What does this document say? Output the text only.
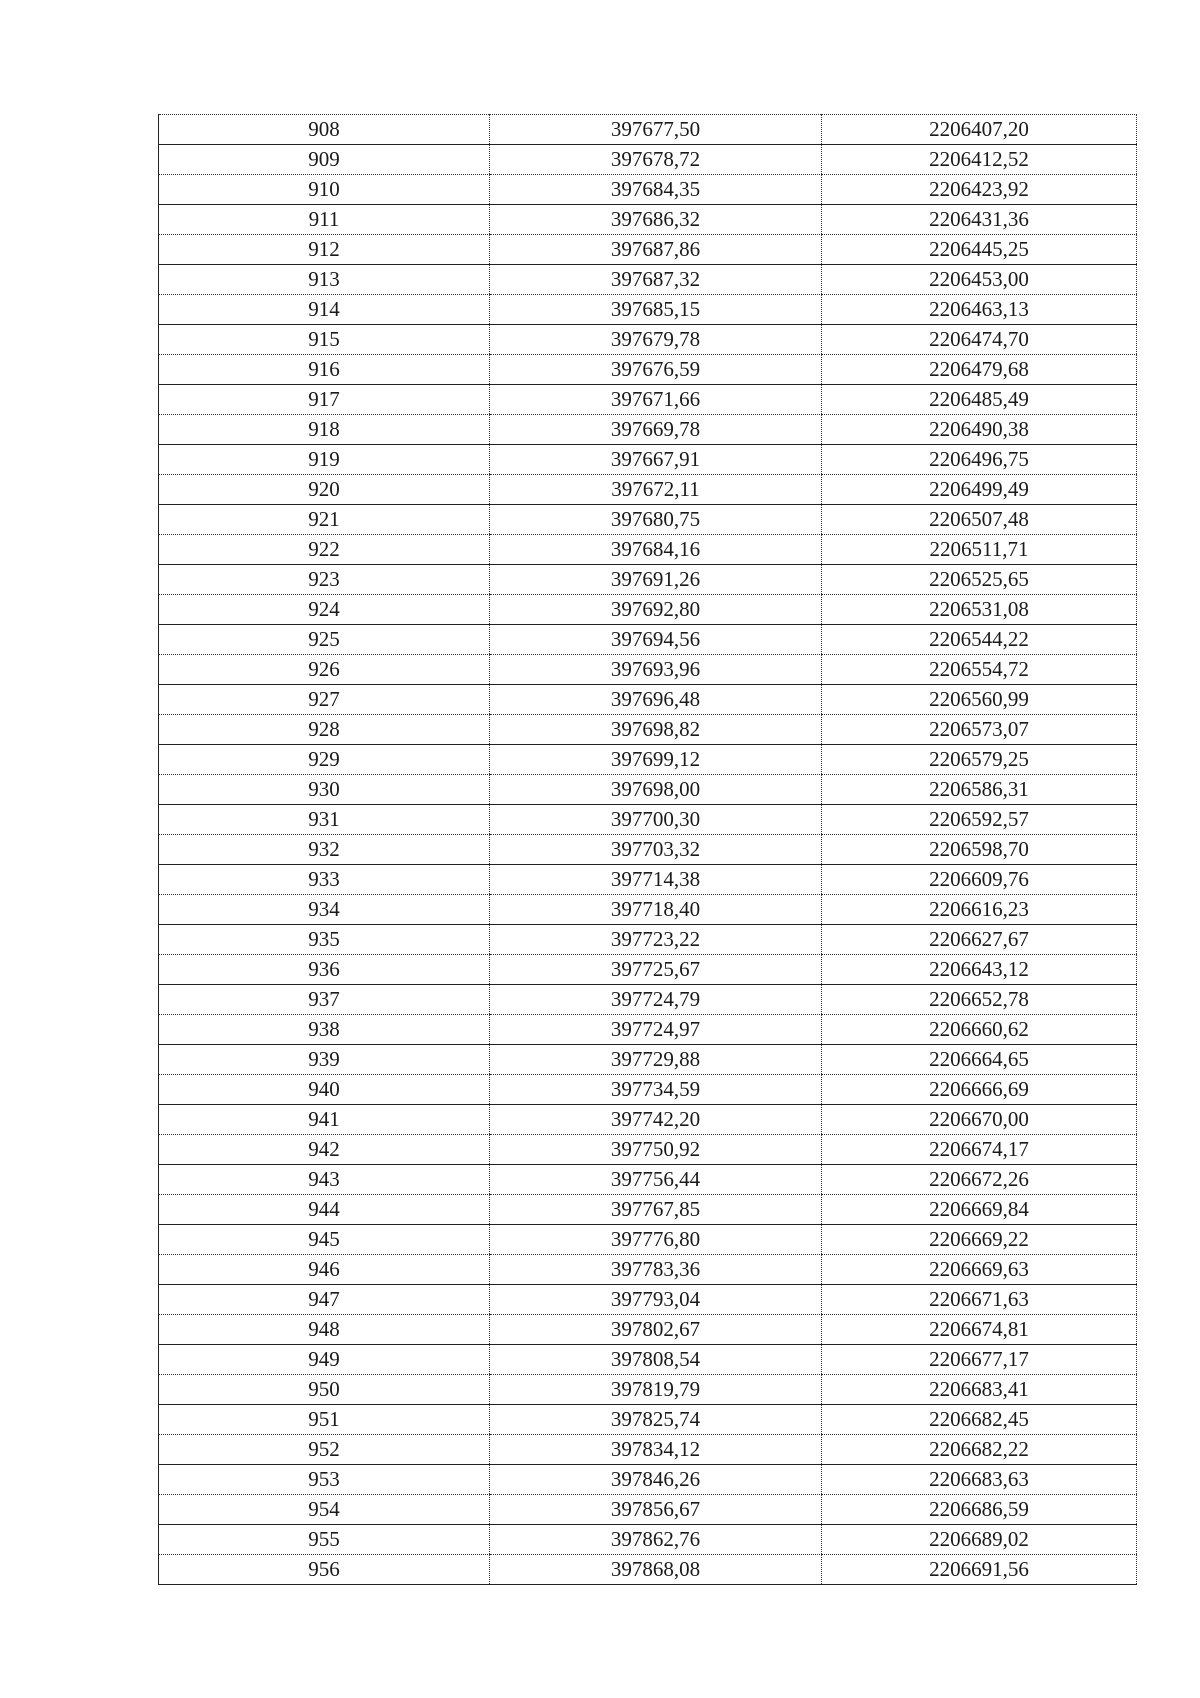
908	397677,50	2206407,20
909	397678,72	2206412,52
910	397684,35	2206423,92
911	397686,32	2206431,36
912	397687,86	2206445,25
913	397687,32	2206453,00
914	397685,15	2206463,13
915	397679,78	2206474,70
916	397676,59	2206479,68
917	397671,66	2206485,49
918	397669,78	2206490,38
919	397667,91	2206496,75
920	397672,11	2206499,49
921	397680,75	2206507,48
922	397684,16	2206511,71
923	397691,26	2206525,65
924	397692,80	2206531,08
925	397694,56	2206544,22
926	397693,96	2206554,72
927	397696,48	2206560,99
928	397698,82	2206573,07
929	397699,12	2206579,25
930	397698,00	2206586,31
931	397700,30	2206592,57
932	397703,32	2206598,70
933	397714,38	2206609,76
934	397718,40	2206616,23
935	397723,22	2206627,67
936	397725,67	2206643,12
937	397724,79	2206652,78
938	397724,97	2206660,62
939	397729,88	2206664,65
940	397734,59	2206666,69
941	397742,20	2206670,00
942	397750,92	2206674,17
943	397756,44	2206672,26
944	397767,85	2206669,84
945	397776,80	2206669,22
946	397783,36	2206669,63
947	397793,04	2206671,63
948	397802,67	2206674,81
949	397808,54	2206677,17
950	397819,79	2206683,41
951	397825,74	2206682,45
952	397834,12	2206682,22
953	397846,26	2206683,63
954	397856,67	2206686,59
955	397862,76	2206689,02
956	397868,08	2206691,56
